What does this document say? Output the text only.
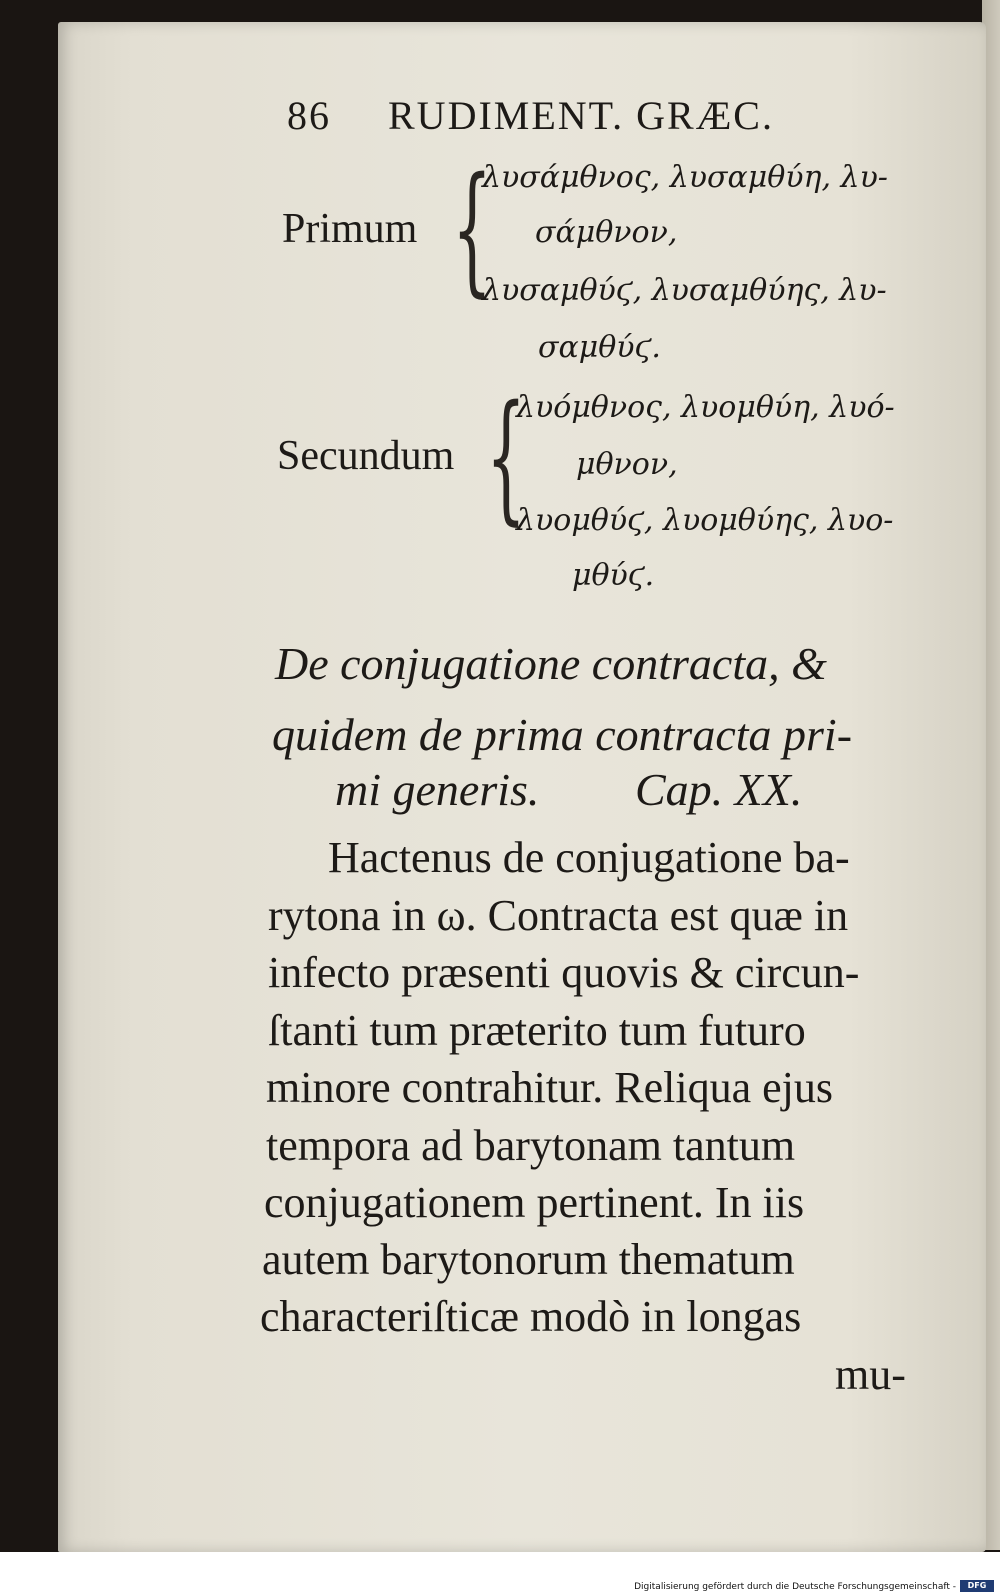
86 RUDIMENT. GRÆC.
Primum {
λυσάμθνος, λυσαμθύη, λυ-
σάμθνον,
λυσαμθύϛ, λυσαμθύης, λυ-
σαμθύϛ.
Secundum {
λυόμθνος, λυομθύη, λυό-
μθνον,
λυομθύϛ, λυομθύης, λυο-
μθύϛ.
De conjugatione contracta, &
quidem de prima contracta pri-
mi generis. Cap. XX.
Hactenus de conjugatione ba-
rytona in ω. Contracta est quæ in
infecto præsenti quovis & circun-
ſtanti tum præterito tum futuro
minore contrahitur. Reliqua ejus
tempora ad barytonam tantum
conjugationem pertinent. In iis
autem barytonorum thematum
characteriſticæ modò in longas
mu-
Digitalisierung gefördert durch die Deutsche Forschungsgemeinschaft -	DFG
